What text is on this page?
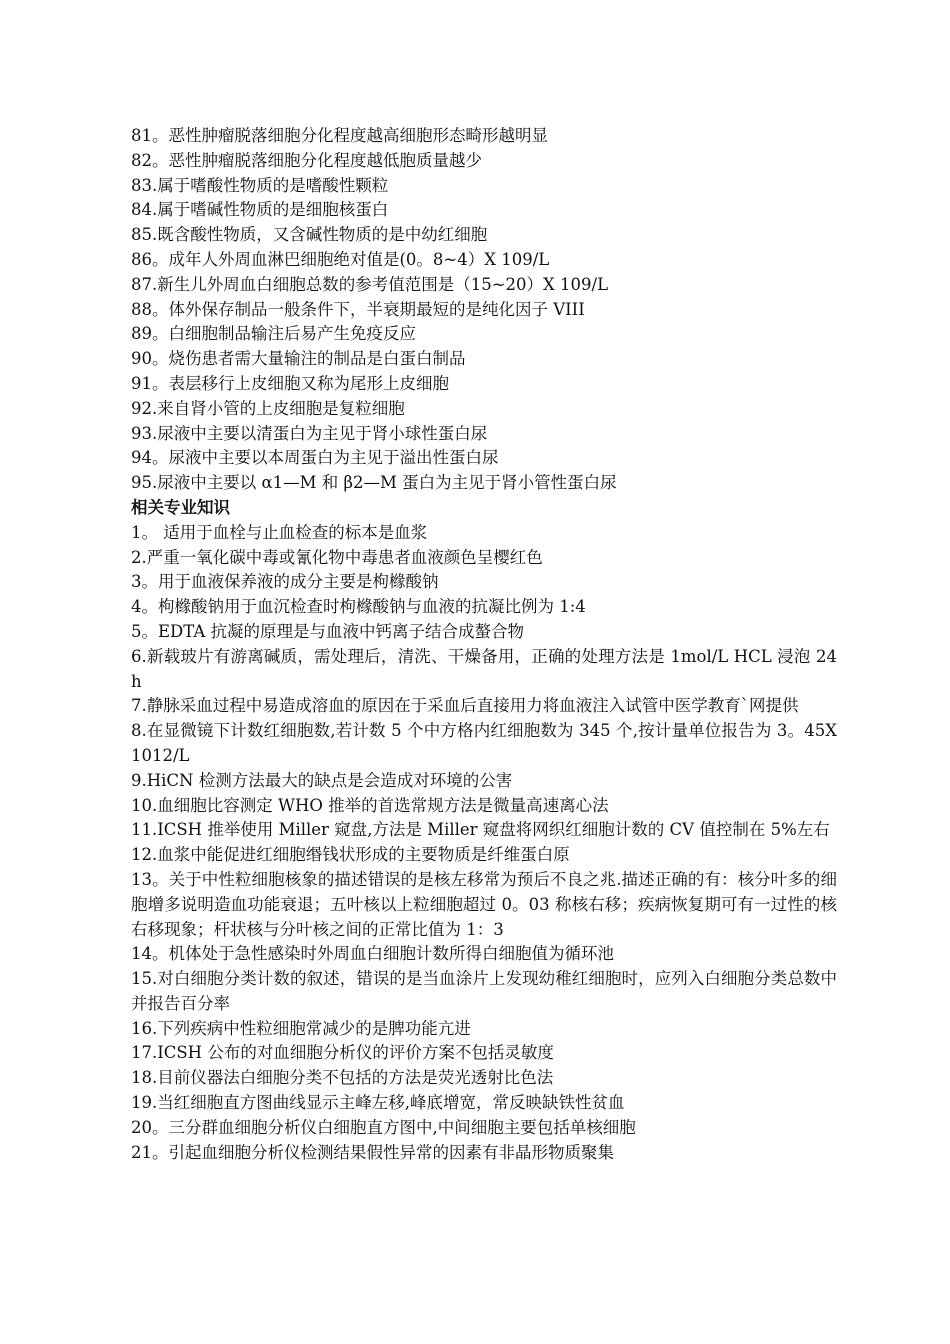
81。恶性肿瘤脱落细胞分化程度越高细胞形态畸形越明显
82。恶性肿瘤脱落细胞分化程度越低胞质量越少
83.属于嗜酸性物质的是嗜酸性颗粒
84.属于嗜碱性物质的是细胞核蛋白
85.既含酸性物质，又含碱性物质的是中幼红细胞
86。成年人外周血淋巴细胞绝对值是(0。8~4）X 109/L
87.新生儿外周血白细胞总数的参考值范围是（15~20）X 109/L
88。体外保存制品一般条件下，半衰期最短的是纯化因子 VIII
89。白细胞制品输注后易产生免疫反应
90。烧伤患者需大量输注的制品是白蛋白制品
91。表层移行上皮细胞又称为尾形上皮细胞
92.来自肾小管的上皮细胞是复粒细胞
93.尿液中主要以清蛋白为主见于肾小球性蛋白尿
94。尿液中主要以本周蛋白为主见于溢出性蛋白尿
95.尿液中主要以 α1—M 和 β2—M 蛋白为主见于肾小管性蛋白尿
相关专业知识
1。 适用于血栓与止血检查的标本是血浆
2.严重一氧化碳中毒或氰化物中毒患者血液颜色呈樱红色
3。用于血液保养液的成分主要是枸橼酸钠
4。枸橼酸钠用于血沉检查时枸橼酸钠与血液的抗凝比例为 1:4
5。EDTA 抗凝的原理是与血液中钙离子结合成螯合物
6.新载玻片有游离碱质，需处理后，清洗、干燥备用，正确的处理方法是 1mol/L HCL 浸泡 24h
7.静脉采血过程中易造成溶血的原因在于采血后直接用力将血液注入试管中医学教育`网提供
8.在显微镜下计数红细胞数,若计数 5 个中方格内红细胞数为 345 个,按计量单位报告为 3。45X1012/L
9.HiCN 检测方法最大的缺点是会造成对环境的公害
10.血细胞比容测定 WHO 推举的首选常规方法是微量高速离心法
11.ICSH 推举使用 Miller 窥盘,方法是 Miller 窥盘将网织红细胞计数的 CV 值控制在 5%左右
12.血浆中能促进红细胞缗钱状形成的主要物质是纤维蛋白原
13。关于中性粒细胞核象的描述错误的是核左移常为预后不良之兆.描述正确的有：核分叶多的细胞增多说明造血功能衰退；五叶核以上粒细胞超过 0。03 称核右移；疾病恢复期可有一过性的核右移现象；杆状核与分叶核之间的正常比值为 1：3
14。机体处于急性感染时外周血白细胞计数所得白细胞值为循环池
15.对白细胞分类计数的叙述，错误的是当血涂片上发现幼稚红细胞时，应列入白细胞分类总数中并报告百分率
16.下列疾病中性粒细胞常减少的是脾功能亢进
17.ICSH 公布的对血细胞分析仪的评价方案不包括灵敏度
18.目前仪器法白细胞分类不包括的方法是荧光透射比色法
19.当红细胞直方图曲线显示主峰左移,峰底增宽，常反映缺铁性贫血
20。三分群血细胞分析仪白细胞直方图中,中间细胞主要包括单核细胞
21。引起血细胞分析仪检测结果假性异常的因素有非晶形物质聚集
